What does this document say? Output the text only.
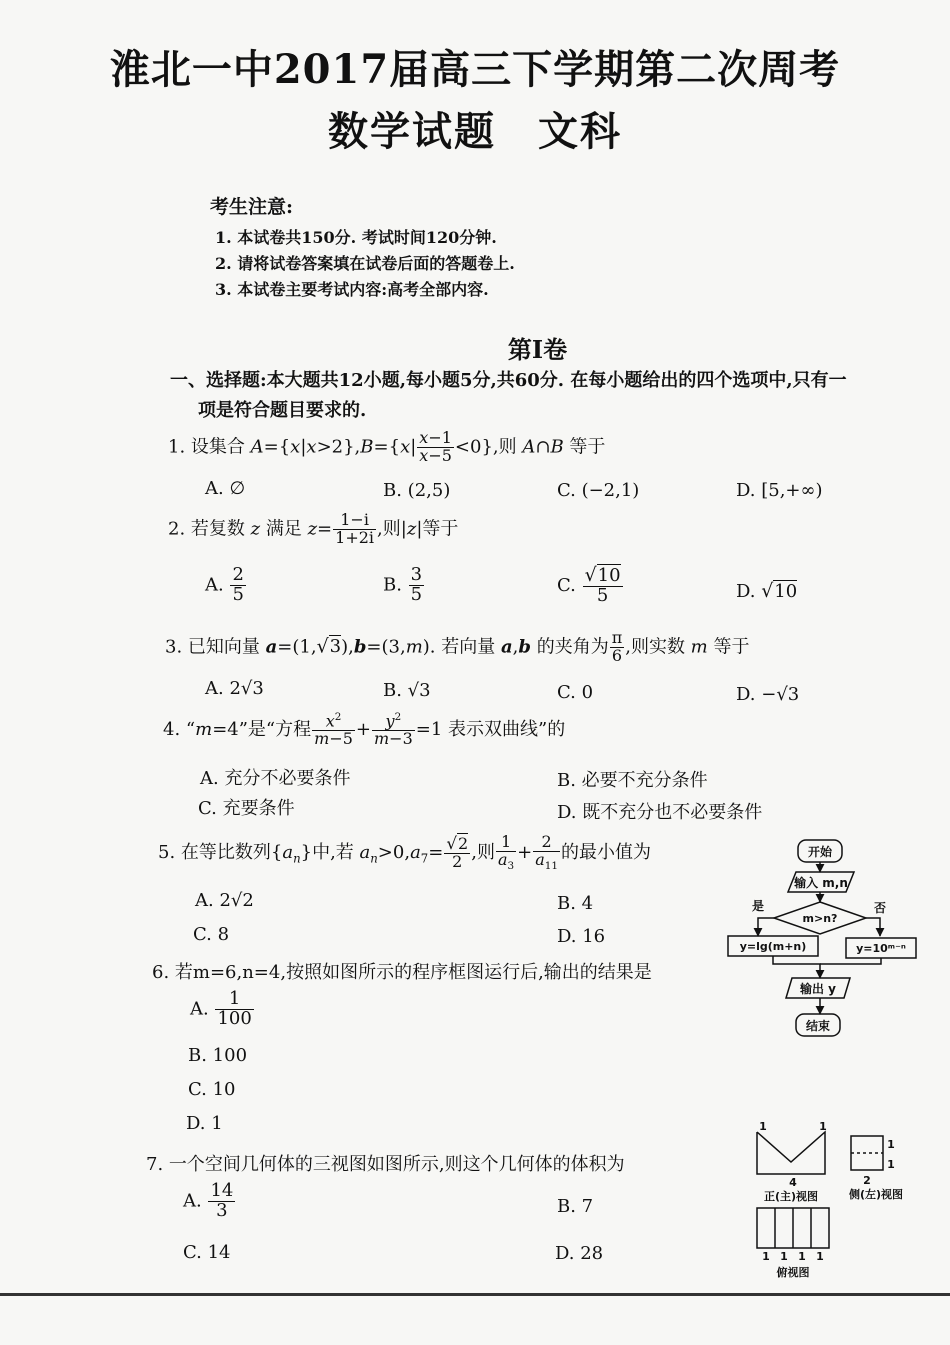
淮北一中2017届高三下学期第二次周考
数学试题　文科
考生注意:
1. 本试卷共150分. 考试时间120分钟.
2. 请将试卷答案填在试卷后面的答题卷上.
3. 本试卷主要考试内容:高考全部内容.
第Ⅰ卷
一、选择题:本大题共12小题,每小题5分,共60分. 在每小题给出的四个选项中,只有一
项是符合题目要求的.
1. 设集合 $A=\{x|x>2\},B=\{x| \frac{x-1}{x-5} <0\}$,则 A∩B 等于
A. ∅	B. (2,5)	C. (−2,1)	D. [5,+∞)
2. 若复数 z 满足 $z= \frac{1-i}{1+2i}$ ,则|z|等于
A. $\frac{2}{5}$	B. $\frac{3}{5}$	C. $\frac{√10}{5}$	D. √10
3. 已知向量 a=(1,√3),b=(3,m). 若向量 a,b 的夹角为 $\frac{\pi}{6}$ ,则实数 m 等于
A. 2√3	B. √3	C. 0	D. −√3
4. “m=4”是“方程 $\frac{x^2}{m-5} + \frac{y^2}{m-3} =1$ 表示双曲线”的
A. 充分不必要条件	B. 必要不充分条件
C. 充要条件	D. 既不充分也不必要条件
5. 在等比数列$\{a_n\}$中,若 $a_n>0,a_7= \frac{√2}{2}$ ,则 $\frac{1}{a_3} + \frac{2}{a_{11}}$ 的最小值为
A. 2√2	B. 4
C. 8	D. 16
6. 若m=6,n=4,按照如图所示的程序框图运行后,输出的结果是
A. $\frac{1}{100}$
B. 100
C. 10
D. 1
7. 一个空间几何体的三视图如图所示,则这个几何体的体积为
A. $\frac{14}{3}$	B. 7
C. 14	D. 28
开始
输入 m,n
m>n?
是	否
y=lg(m+n)	y=10ᵐ⁻ⁿ
输出 y
结束
1	1
4
正(主)视图
1
1
2
侧(左)视图
1 1 1 1
俯视图
